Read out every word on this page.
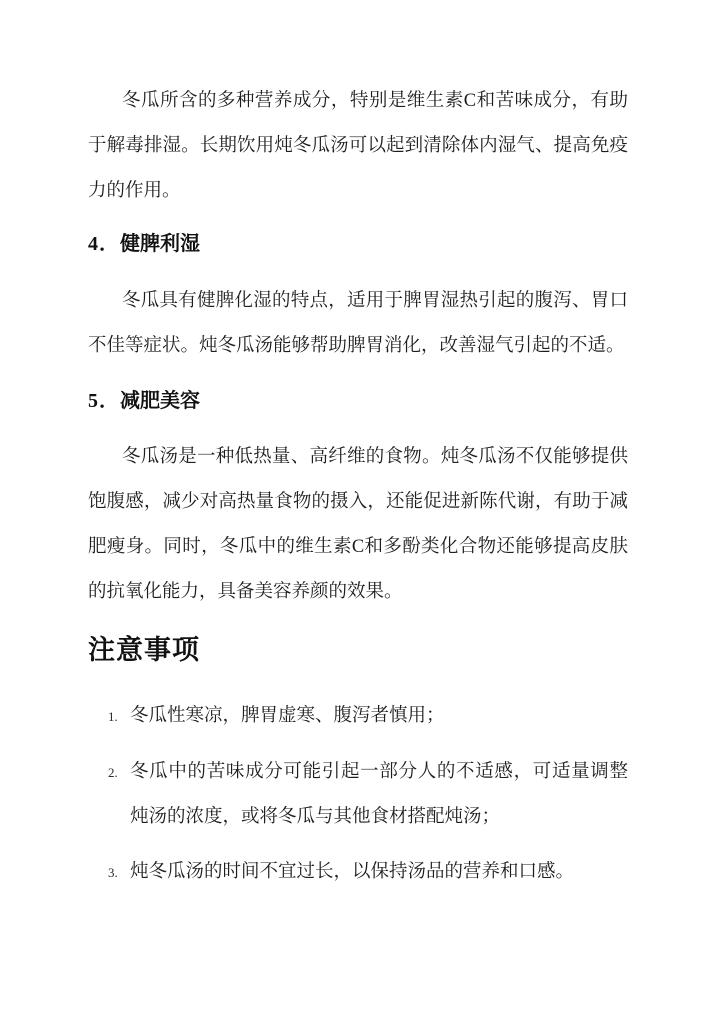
冬瓜所含的多种营养成分，特别是维生素C和苦味成分，有助
于解毒排湿。长期饮用炖冬瓜汤可以起到清除体内湿气、提高免疫
力的作用。

4．健脾利湿

冬瓜具有健脾化湿的特点，适用于脾胃湿热引起的腹泻、胃口
不佳等症状。炖冬瓜汤能够帮助脾胃消化，改善湿气引起的不适。

5．减肥美容

冬瓜汤是一种低热量、高纤维的食物。炖冬瓜汤不仅能够提供
饱腹感，减少对高热量食物的摄入，还能促进新陈代谢，有助于减
肥瘦身。同时，冬瓜中的维生素C和多酚类化合物还能够提高皮肤
的抗氧化能力，具备美容养颜的效果。

注意事项
1. 冬瓜性寒凉，脾胃虚寒、腹泻者慎用；
2. 冬瓜中的苦味成分可能引起一部分人的不适感，可适量调整
炖汤的浓度，或将冬瓜与其他食材搭配炖汤；
3. 炖冬瓜汤的时间不宜过长，以保持汤品的营养和口感。
